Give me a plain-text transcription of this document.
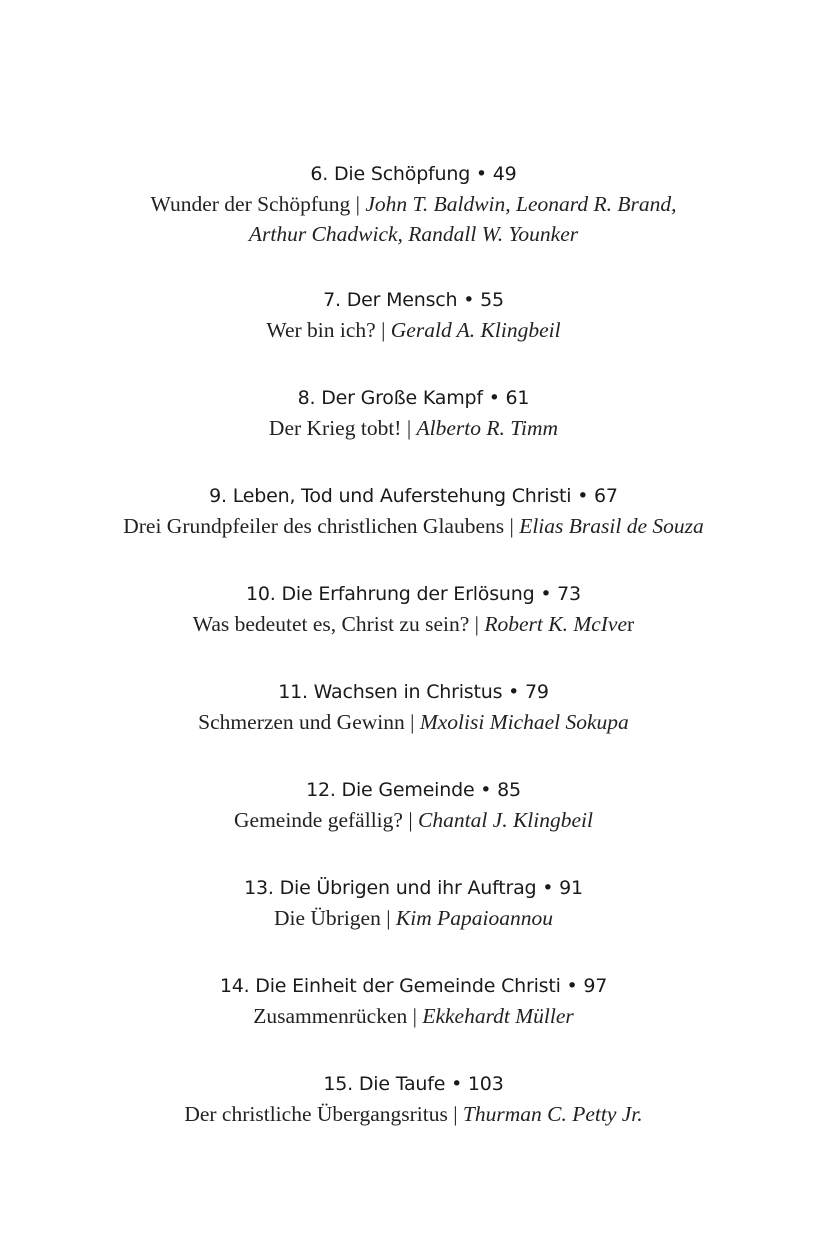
6. Die Schöpfung • 49
Wunder der Schöpfung | John T. Baldwin, Leonard R. Brand,
Arthur Chadwick, Randall W. Younker
7. Der Mensch • 55
Wer bin ich? | Gerald A. Klingbeil
8. Der Große Kampf • 61
Der Krieg tobt! | Alberto R. Timm
9. Leben, Tod und Auferstehung Christi • 67
Drei Grundpfeiler des christlichen Glaubens | Elias Brasil de Souza
10. Die Erfahrung der Erlösung • 73
Was bedeutet es, Christ zu sein? | Robert K. McIver
11. Wachsen in Christus • 79
Schmerzen und Gewinn | Mxolisi Michael Sokupa
12. Die Gemeinde • 85
Gemeinde gefällig? | Chantal J. Klingbeil
13. Die Übrigen und ihr Auftrag • 91
Die Übrigen | Kim Papaioannou
14. Die Einheit der Gemeinde Christi • 97
Zusammenrücken | Ekkehardt Müller
15. Die Taufe • 103
Der christliche Übergangsritus | Thurman C. Petty Jr.
